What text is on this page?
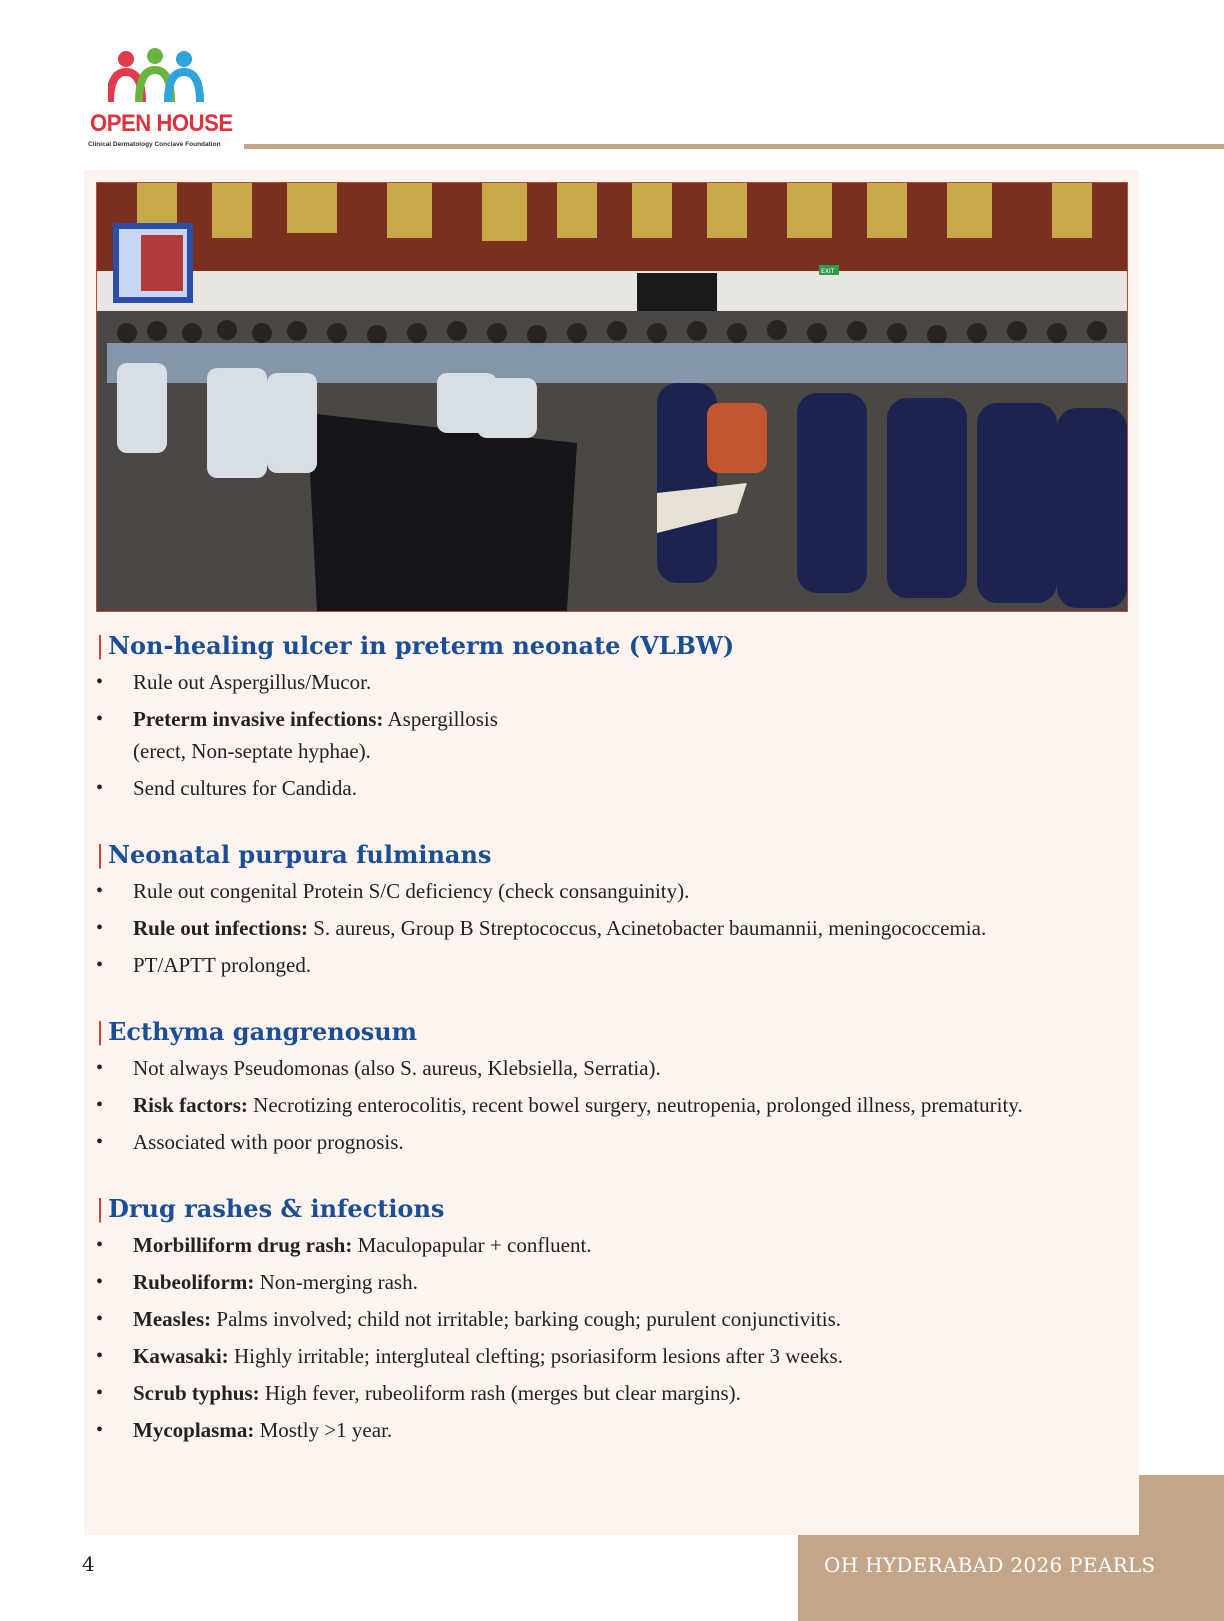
OPEN HOUSE
Clinical Dermatology Conclave Foundation
EXIT
| Non-healing ulcer in preterm neonate (VLBW)
• Rule out Aspergillus/Mucor.
• Preterm invasive infections: Aspergillosis
(erect, Non-septate hyphae).
• Send cultures for Candida.
| Neonatal purpura fulminans
• Rule out congenital Protein S/C deficiency (check consanguinity).
• Rule out infections: S. aureus, Group B Streptococcus, Acinetobacter baumannii, meningococcemia.
• PT/APTT prolonged.
| Ecthyma gangrenosum
• Not always Pseudomonas (also S. aureus, Klebsiella, Serratia).
• Risk factors: Necrotizing enterocolitis, recent bowel surgery, neutropenia, prolonged illness, prematurity.
• Associated with poor prognosis.
| Drug rashes & infections
• Morbilliform drug rash: Maculopapular + confluent.
• Rubeoliform: Non-merging rash.
• Measles: Palms involved; child not irritable; barking cough; purulent conjunctivitis.
• Kawasaki: Highly irritable; intergluteal clefting; psoriasiform lesions after 3 weeks.
• Scrub typhus: High fever, rubeoliform rash (merges but clear margins).
• Mycoplasma: Mostly >1 year.
OH HYDERABAD 2026 PEARLS
4
